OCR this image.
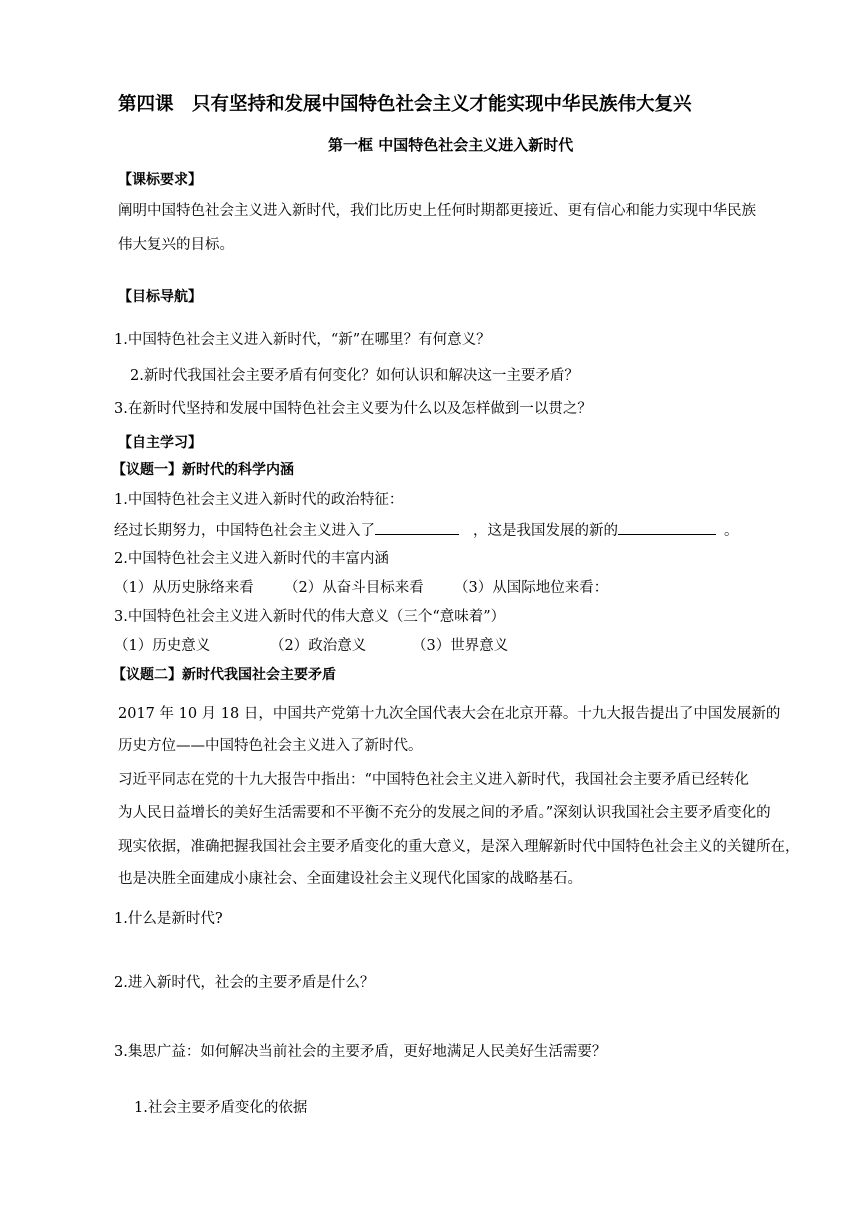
第四课　只有坚持和发展中国特色社会主义才能实现中华民族伟大复兴
第一框 中国特色社会主义进入新时代
【课标要求】
阐明中国特色社会主义进入新时代，我们比历史上任何时期都更接近、更有信心和能力实现中华民族
伟大复兴的目标。
【目标导航】
1.中国特色社会主义进入新时代，“新”在哪里？有何意义？
2.新时代我国社会主要矛盾有何变化？如何认识和解决这一主要矛盾？
3.在新时代坚持和发展中国特色社会主义要为什么以及怎样做到一以贯之？
【自主学习】
【议题一】新时代的科学内涵
1.中国特色社会主义进入新时代的政治特征：
经过长期努力，中国特色社会主义进入了	，这是我国发展的新的	。
2.中国特色社会主义进入新时代的丰富内涵
（1）从历史脉络来看 （2）从奋斗目标来看 （3）从国际地位来看：
3.中国特色社会主义进入新时代的伟大意义（三个“意味着”）
（1）历史意义	（2）政治意义	（3）世界意义
【议题二】新时代我国社会主要矛盾
2017 年 10 月 18 日，中国共产党第十九次全国代表大会在北京开幕。十九大报告提出了中国发展新的
历史方位——中国特色社会主义进入了新时代。
习近平同志在党的十九大报告中指出：“中国特色社会主义进入新时代，我国社会主要矛盾已经转化
为人民日益增长的美好生活需要和不平衡不充分的发展之间的矛盾。”深刻认识我国社会主要矛盾变化的
现实依据，准确把握我国社会主要矛盾变化的重大意义，是深入理解新时代中国特色社会主义的关键所在，
也是决胜全面建成小康社会、全面建设社会主义现代化国家的战略基石。
1.什么是新时代?
2.进入新时代，社会的主要矛盾是什么？
3.集思广益：如何解决当前社会的主要矛盾，更好地满足人民美好生活需要？
1.社会主要矛盾变化的依据
